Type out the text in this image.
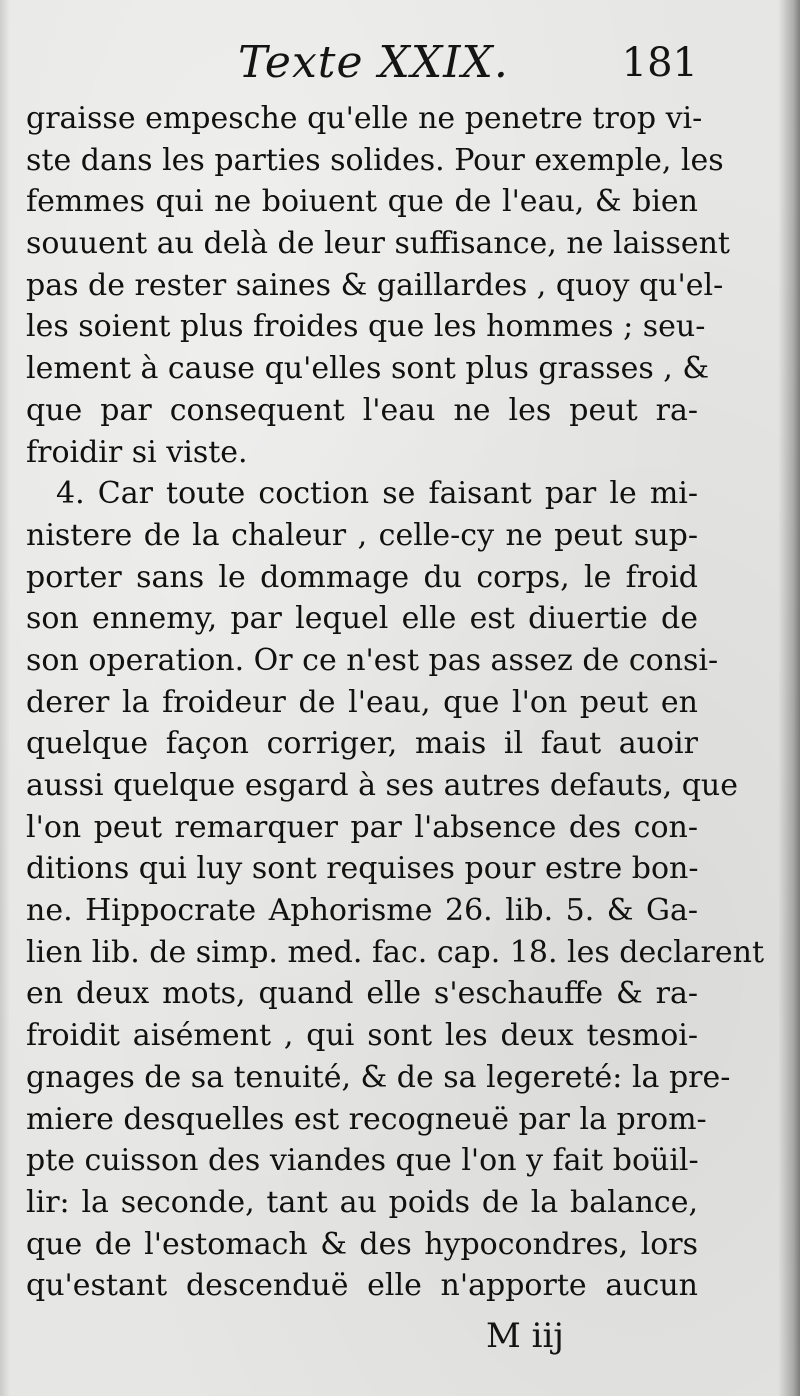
Texte XXIX.	181
graisse empesche qu'elle ne penetre trop vi-
ste dans les parties solides. Pour exemple, les
femmes qui ne boiuent que de l'eau, & bien
souuent au delà de leur suffisance, ne laissent
pas de rester saines & gaillardes , quoy qu'el-
les soient plus froides que les hommes ; seu-
lement à cause qu'elles sont plus grasses , &
que par consequent l'eau ne les peut ra-
froidir si viste.
4. Car toute coction se faisant par le mi-
nistere de la chaleur , celle-cy ne peut sup-
porter sans le dommage du corps, le froid
son ennemy, par lequel elle est diuertie de
son operation. Or ce n'est pas assez de consi-
derer la froideur de l'eau, que l'on peut en
quelque façon corriger, mais il faut auoir
aussi quelque esgard à ses autres defauts, que
l'on peut remarquer par l'absence des con-
ditions qui luy sont requises pour estre bon-
ne. Hippocrate Aphorisme 26. lib. 5. & Ga-
lien lib. de simp. med. fac. cap. 18. les declarent
en deux mots, quand elle s'eschauffe & ra-
froidit aisément , qui sont les deux tesmoi-
gnages de sa tenuité, & de sa legereté: la pre-
miere desquelles est recogneuë par la prom-
pte cuisson des viandes que l'on y fait boüil-
lir: la seconde, tant au poids de la balance,
que de l'estomach & des hypocondres, lors
qu'estant descenduë elle n'apporte aucun
M iij
